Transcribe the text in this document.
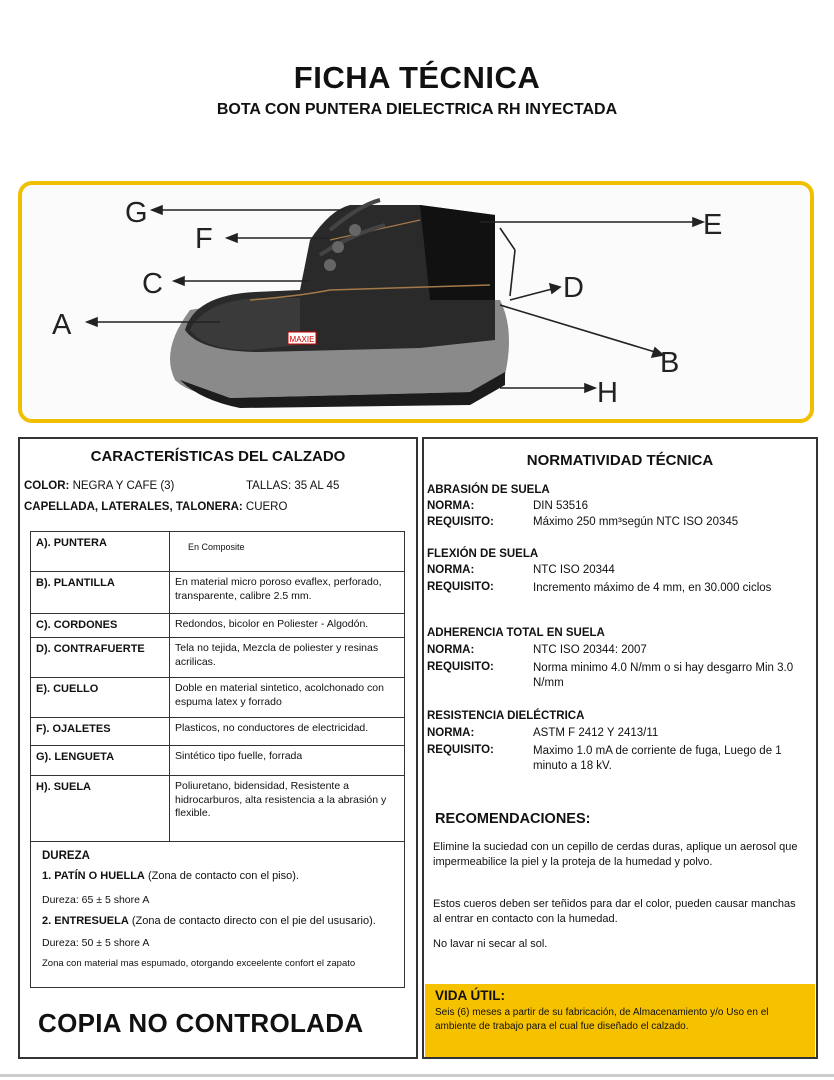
FICHA TÉCNICA
BOTA CON PUNTERA DIELECTRICA RH INYECTADA
MAXIE
G
F
C
A
E
D
B
H
CARACTERÍSTICAS DEL CALZADO
COLOR: NEGRA Y CAFE (3)	TALLAS: 35 AL 45
CAPELLADA, LATERALES, TALONERA: CUERO
A). PUNTERA	En Composite
B). PLANTILLA	En material micro poroso evaflex, perforado, transparente, calibre 2.5 mm.
C). CORDONES	Redondos, bicolor en Poliester - Algodón.
D). CONTRAFUERTE	Tela no tejida, Mezcla de poliester y resinas acrilicas.
E). CUELLO	Doble en material sintetico, acolchonado con espuma latex y forrado
F). OJALETES	Plasticos, no conductores de electricidad.
G). LENGUETA	Sintético tipo fuelle, forrada
H). SUELA	Poliuretano, bidensidad, Resistente a hidrocarburos, alta resistencia a la abrasión y flexible.
DUREZA
1. PATÍN O HUELLA (Zona de contacto con el piso).
Dureza: 65 ± 5 shore A
2. ENTRESUELA (Zona de contacto directo con el pie del ususario).
Dureza: 50 ± 5 shore A
Zona con material mas espumado, otorgando exceelente confort el zapato
COPIA NO CONTROLADA
NORMATIVIDAD TÉCNICA
ABRASIÓN DE SUELA
NORMA:	DIN 53516
REQUISITO:	Máximo 250 mm³según NTC ISO 20345
FLEXIÓN DE SUELA
NORMA:	NTC ISO 20344
REQUISITO:	Incremento máximo de 4 mm, en 30.000 ciclos
ADHERENCIA TOTAL EN SUELA
NORMA:	NTC ISO 20344: 2007
REQUISITO:	Norma minimo 4.0 N/mm o si hay desgarro Min 3.0 N/mm
RESISTENCIA DIELÉCTRICA
NORMA:	ASTM F 2412 Y 2413/11
REQUISITO:	Maximo 1.0 mA de corriente de fuga, Luego de 1 minuto a 18 kV.
RECOMENDACIONES:
Elimine la suciedad con un cepillo de cerdas duras, aplique un aerosol que impermeabilice la piel y la proteja de la humedad y polvo.
Estos cueros deben ser teñidos para dar el color, pueden causar manchas al entrar en contacto con la humedad.
No lavar ni secar al sol.
VIDA ÚTIL:
Seis (6) meses a partir de su fabricación, de Almacenamiento y/o Uso en el ambiente de trabajo para el cual fue diseñado el calzado.
